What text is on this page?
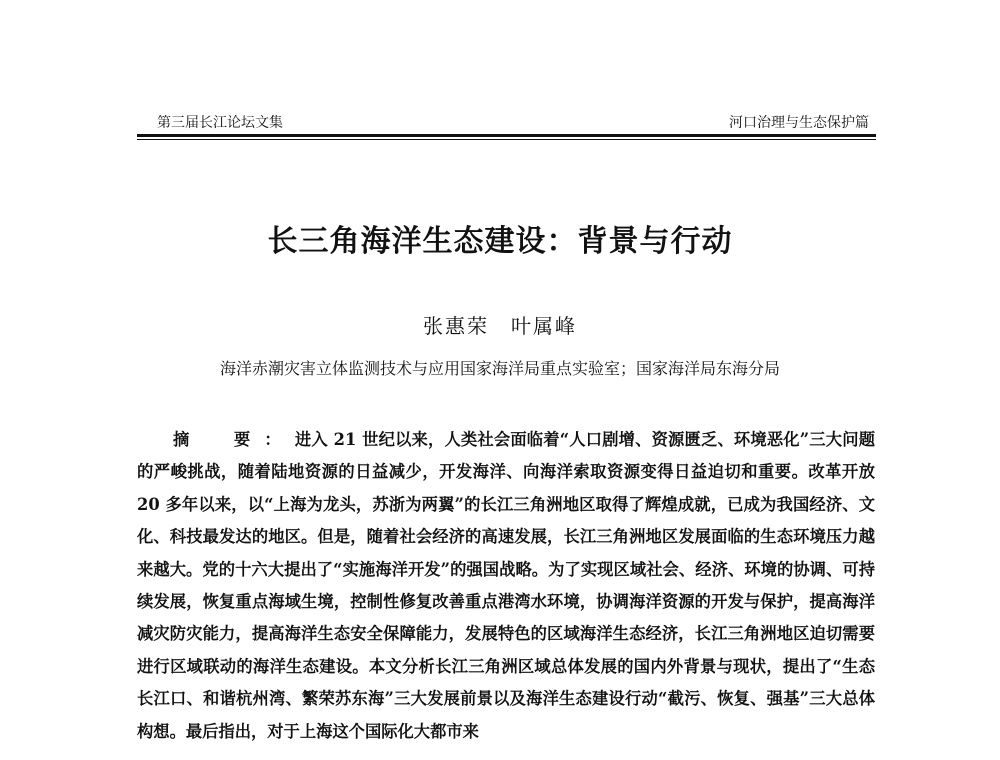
第三届长江论坛文集	河口治理与生态保护篇
长三角海洋生态建设：背景与行动
张惠荣　叶属峰
海洋赤潮灾害立体监测技术与应用国家海洋局重点实验室；国家海洋局东海分局

摘　要：进入 21 世纪以来，人类社会面临着“人口剧增、资源匮乏、环境恶化”三大问题的严峻挑战，随着陆地资源的日益减少，开发海洋、向海洋索取资源变得日益迫切和重要。改革开放 20 多年以来，以“上海为龙头，苏浙为两翼”的长江三角洲地区取得了辉煌成就，已成为我国经济、文化、科技最发达的地区。但是，随着社会经济的高速发展，长江三角洲地区发展面临的生态环境压力越来越大。党的十六大提出了“实施海洋开发”的强国战略。为了实现区域社会、经济、环境的协调、可持续发展，恢复重点海域生境，控制性修复改善重点港湾水环境，协调海洋资源的开发与保护，提高海洋减灾防灾能力，提高海洋生态安全保障能力，发展特色的区域海洋生态经济，长江三角洲地区迫切需要进行区域联动的海洋生态建设。本文分析长江三角洲区域总体发展的国内外背景与现状，提出了“生态长江口、和谐杭州湾、繁荣苏东海”三大发展前景以及海洋生态建设行动“截污、恢复、强基”三大总体构想。最后指出，对于上海这个国际化大都市来
